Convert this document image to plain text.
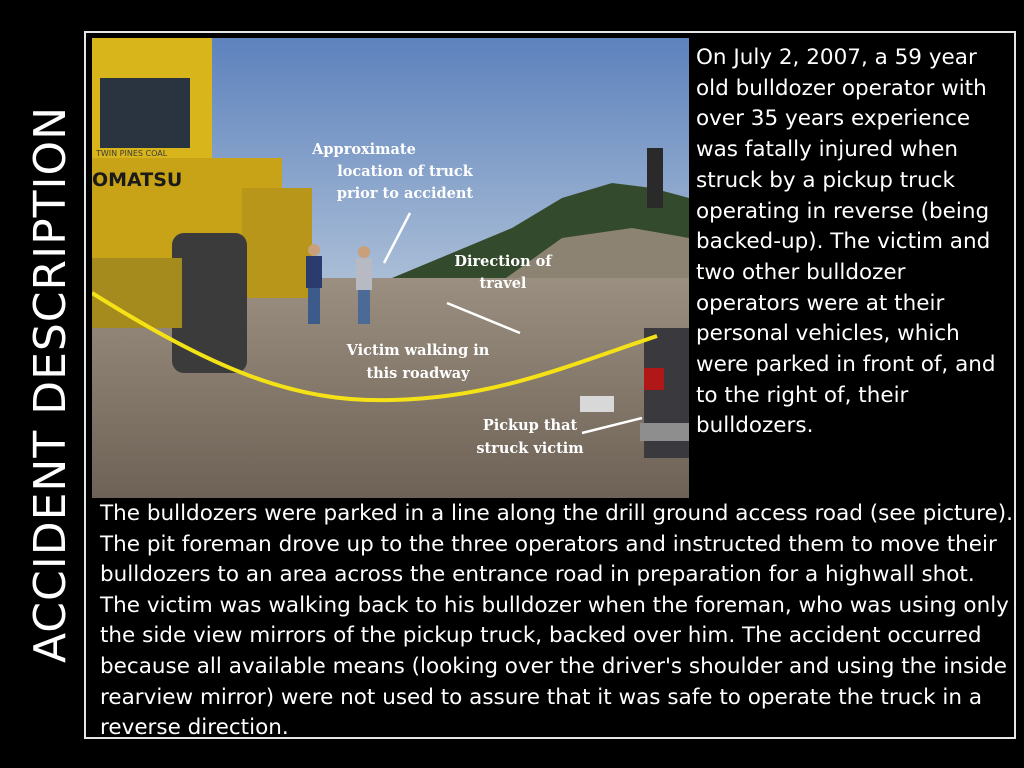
ACCIDENT DESCRIPTION OMATSU
TWIN PINES COAL	Approximate
location of truck
prior to accident
Direction of
travel
Victim walking in
this roadway
Pickup that
struck victim

On July 2, 2007, a 59 year old bulldozer operator with over 35 years experience was fatally injured when struck by a pickup truck operating in reverse (being backed-up). The victim and two other bulldozer operators were at their personal vehicles, which were parked in front of, and to the right of, their bulldozers.

The bulldozers were parked in a line along the drill ground access road (see picture). The pit foreman drove up to the three operators and instructed them to move their bulldozers to an area across the entrance road in preparation for a highwall shot. The victim was walking back to his bulldozer when the foreman, who was using only the side view mirrors of the pickup truck, backed over him. The accident occurred because all available means (looking over the driver's shoulder and using the inside rearview mirror) were not used to assure that it was safe to operate the truck in a reverse direction.
